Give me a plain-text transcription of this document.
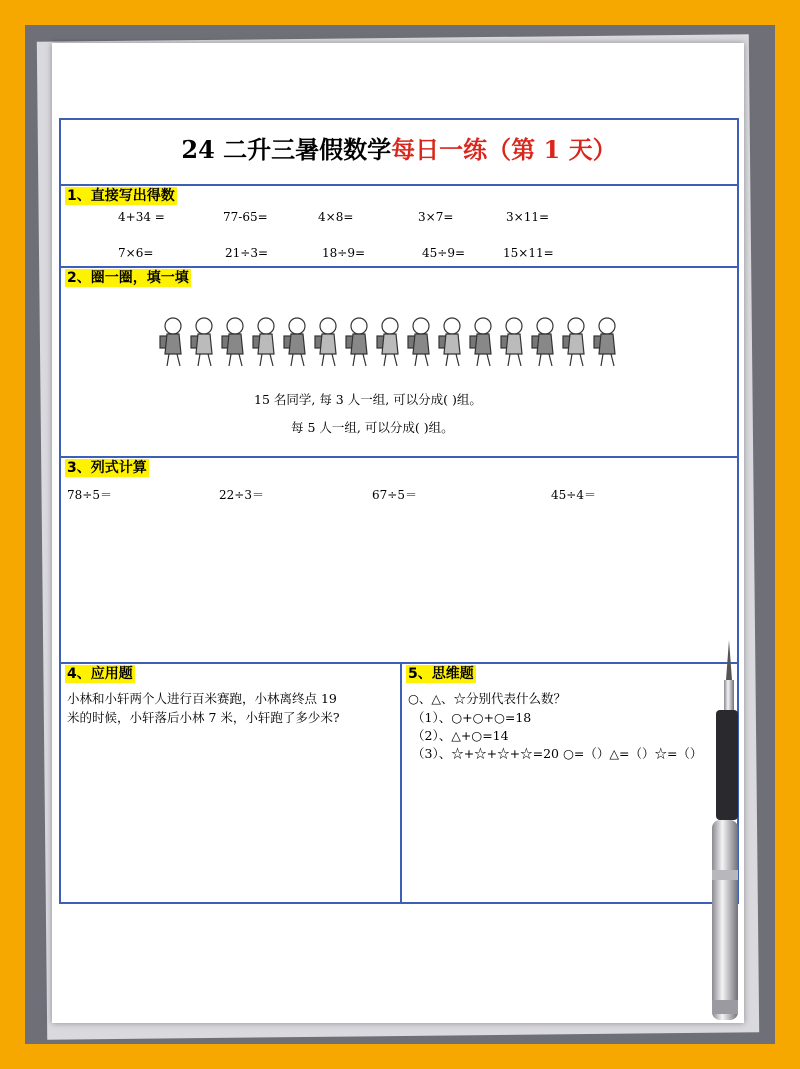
24 二升三暑假数学每日一练（第 1 天）
1、直接写出得数
4+34 =	77-65=	4×8=	3×7=	3×11=
7×6=	21÷3=	18÷9=	45÷9=	15×11=
2、圈一圈，填一填
15 名同学, 每 3 人一组, 可以分成( )组。
每 5 人一组, 可以分成( )组。
3、列式计算
78÷5＝	22÷3＝	67÷5＝	45÷4＝
4、应用题
小林和小轩两个人进行百米赛跑，小林离终点 19
米的时候，小轩落后小林 7 米，小轩跑了多少米?
5、思维题
○、△、☆分别代表什么数？
（1）、○+○+○=18
（2）、△+○=14
（3）、☆+☆+☆+☆=20 ○=（）△=（）☆=（）
